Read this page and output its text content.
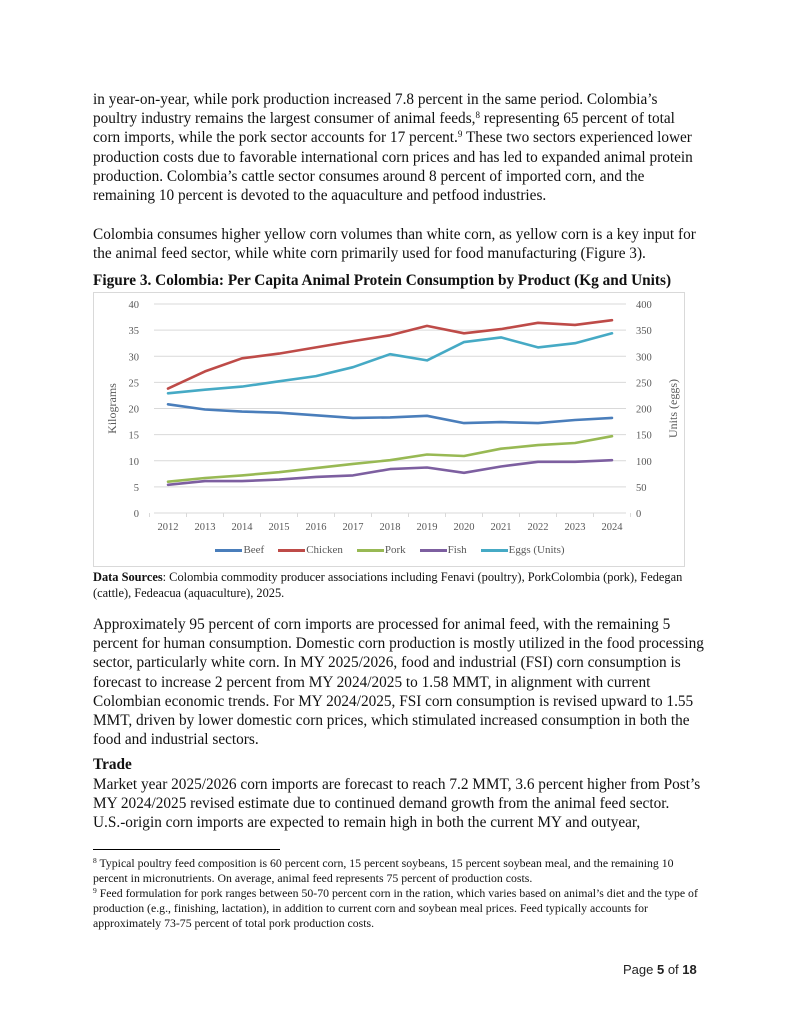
in year-on-year, while pork production increased 7.8 percent in the same period. Colombia’s poultry industry remains the largest consumer of animal feeds,$^8$ representing 65 percent of total corn imports, while the pork sector accounts for 17 percent.$^9$ These two sectors experienced lower production costs due to favorable international corn prices and has led to expanded animal protein production. Colombia’s cattle sector consumes around 8 percent of imported corn, and the remaining 10 percent is devoted to the aquaculture and petfood industries.

Colombia consumes higher yellow corn volumes than white corn, as yellow corn is a key input for the animal feed sector, while white corn primarily used for food manufacturing (Figure 3).

Figure 3. Colombia: Per Capita Animal Protein Consumption by Product (Kg and Units)

0
5
10
15
20
25
30
35
40
0
50
100
150
200
250
300
350
400
2012 2013 2014 2015 2016 2017 2018 2019 2020 2021 2022 2023 2024
Kilograms	Units (eggs)
Beef	Chicken	Pork	Fish	Eggs (Units)

Data Sources: Colombia commodity producer associations including Fenavi (poultry), PorkColombia (pork), Fedegan (cattle), Fedeacua (aquaculture), 2025.

Approximately 95 percent of corn imports are processed for animal feed, with the remaining 5 percent for human consumption. Domestic corn production is mostly utilized in the food processing sector, particularly white corn. In MY 2025/2026, food and industrial (FSI) corn consumption is forecast to increase 2 percent from MY 2024/2025 to 1.58 MMT, in alignment with current Colombian economic trends. For MY 2024/2025, FSI corn consumption is revised upward to 1.55 MMT, driven by lower domestic corn prices, which stimulated increased consumption in both the food and industrial sectors.

Trade

Market year 2025/2026 corn imports are forecast to reach 7.2 MMT, 3.6 percent higher from Post’s MY 2024/2025 revised estimate due to continued demand growth from the animal feed sector. U.S.-origin corn imports are expected to remain high in both the current MY and outyear,

$^8$ Typical poultry feed composition is 60 percent corn, 15 percent soybeans, 15 percent soybean meal, and the remaining 10 percent in micronutrients. On average, animal feed represents 75 percent of production costs.
$^9$ Feed formulation for pork ranges between 50-70 percent corn in the ration, which varies based on animal’s diet and the type of production (e.g., finishing, lactation), in addition to current corn and soybean meal prices. Feed typically accounts for approximately 73-75 percent of total pork production costs.
Page 5 of 18
